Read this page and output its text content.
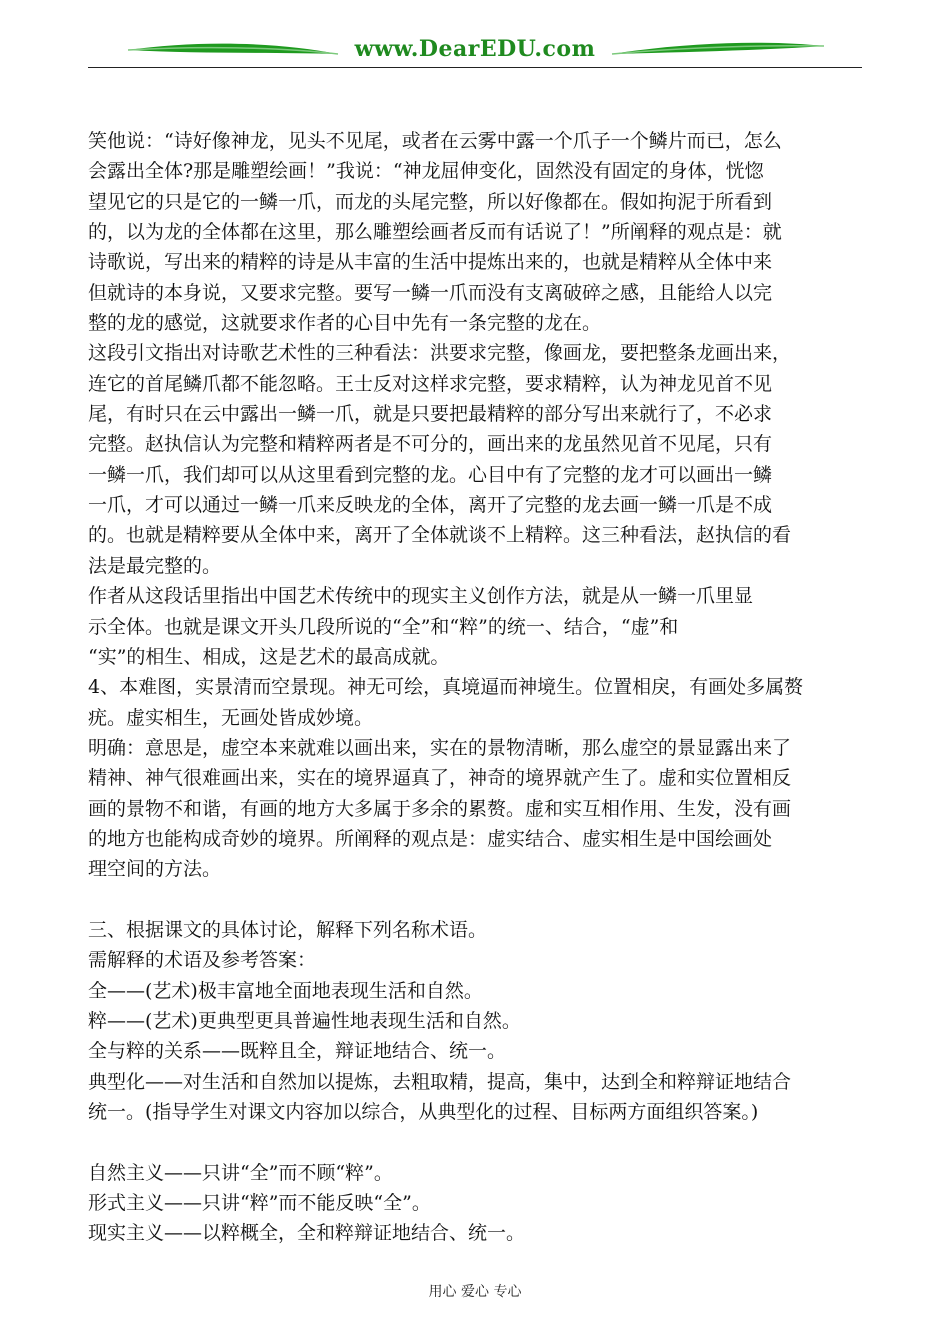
www.DearEDU.com
笑他说：“诗好像神龙，见头不见尾，或者在云雾中露一个爪子一个鳞片而已，怎么
会露出全体?那是雕塑绘画！”我说：“神龙屈伸变化，固然没有固定的身体，恍惚
望见它的只是它的一鳞一爪，而龙的头尾完整，所以好像都在。假如拘泥于所看到
的，以为龙的全体都在这里，那么雕塑绘画者反而有话说了！”所阐释的观点是：就
诗歌说，写出来的精粹的诗是从丰富的生活中提炼出来的，也就是精粹从全体中来
但就诗的本身说，又要求完整。要写一鳞一爪而没有支离破碎之感，且能给人以完
整的龙的感觉，这就要求作者的心目中先有一条完整的龙在。
这段引文指出对诗歌艺术性的三种看法：洪要求完整，像画龙，要把整条龙画出来，
连它的首尾鳞爪都不能忽略。王士反对这样求完整，要求精粹，认为神龙见首不见
尾，有时只在云中露出一鳞一爪，就是只要把最精粹的部分写出来就行了，不必求
完整。赵执信认为完整和精粹两者是不可分的，画出来的龙虽然见首不见尾，只有
一鳞一爪，我们却可以从这里看到完整的龙。心目中有了完整的龙才可以画出一鳞
一爪，才可以通过一鳞一爪来反映龙的全体，离开了完整的龙去画一鳞一爪是不成
的。也就是精粹要从全体中来，离开了全体就谈不上精粹。这三种看法，赵执信的看
法是最完整的。
作者从这段话里指出中国艺术传统中的现实主义创作方法，就是从一鳞一爪里显
示全体。也就是课文开头几段所说的“全”和“粹”的统一、结合，“虚”和
“实”的相生、相成，这是艺术的最高成就。
4、本难图，实景清而空景现。神无可绘，真境逼而神境生。位置相戾，有画处多属赘
疣。虚实相生，无画处皆成妙境。
明确：意思是，虚空本来就难以画出来，实在的景物清晰，那么虚空的景显露出来了
精神、神气很难画出来，实在的境界逼真了，神奇的境界就产生了。虚和实位置相反
画的景物不和谐，有画的地方大多属于多余的累赘。虚和实互相作用、生发，没有画
的地方也能构成奇妙的境界。所阐释的观点是：虚实结合、虚实相生是中国绘画处
理空间的方法。
三、根据课文的具体讨论，解释下列名称术语。
需解释的术语及参考答案：
全——(艺术)极丰富地全面地表现生活和自然。
粹——(艺术)更典型更具普遍性地表现生活和自然。
全与粹的关系——既粹且全，辩证地结合、统一。
典型化——对生活和自然加以提炼，去粗取精，提高，集中，达到全和粹辩证地结合
统一。(指导学生对课文内容加以综合，从典型化的过程、目标两方面组织答案。)
自然主义——只讲“全”而不顾“粹”。
形式主义——只讲“粹”而不能反映“全”。
现实主义——以粹概全，全和粹辩证地结合、统一。
用心 爱心 专心
